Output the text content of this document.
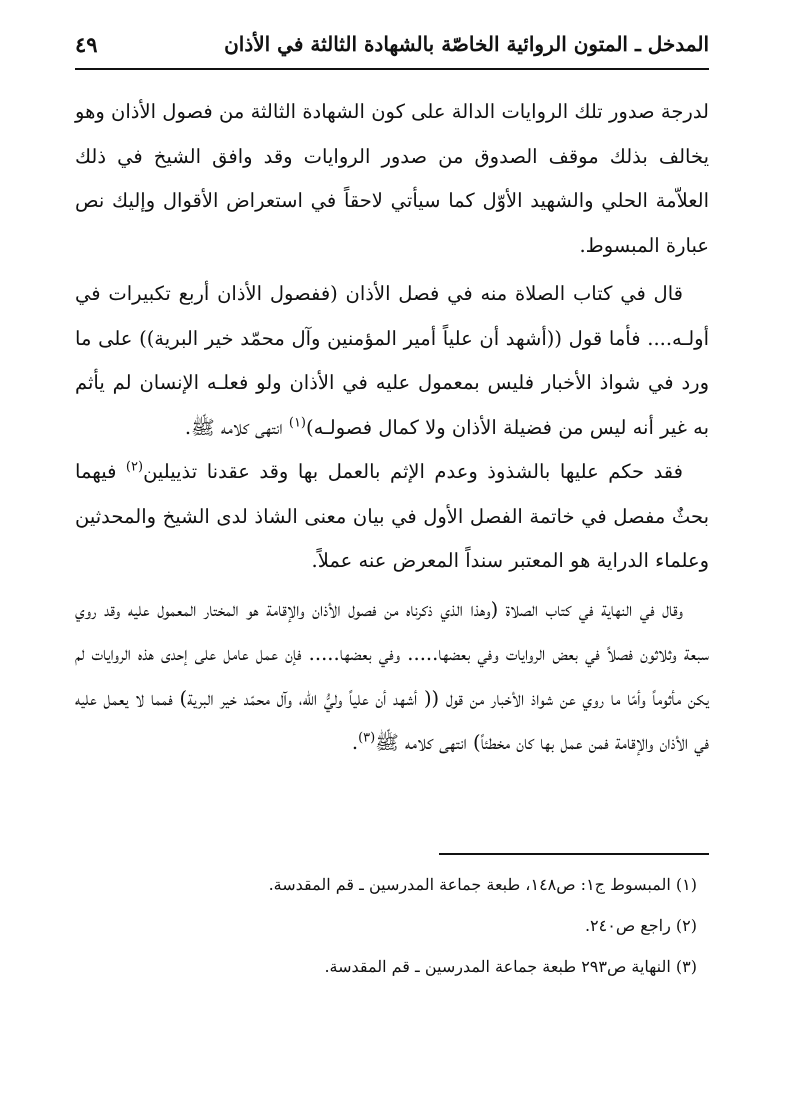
المدخل ـ المتون الروائية الخاصّة بالشهادة الثالثة في الأذان
٤٩

لدرجة صدور تلك الروايات الدالة على كون الشهادة الثالثة من فصول الأذان وهو يخالف بذلك موقف الصدوق من صدور الروايات وقد وافق الشيخ في ذلك العلاّمة الحلي والشهيد الأوّل كما سيأتي لاحقاً في استعراض الأقوال وإليك نص عبارة المبسوط.

قال في كتاب الصلاة منه في فصل الأذان (ففصول الأذان أربع تكبيرات في أولـه.... فأما قول ((أشهد أن علياً أمير المؤمنين وآل محمّد خير البرية)) على ما ورد في شواذ الأخبار فليس بمعمول عليه في الأذان ولو فعلـه الإنسان لم يأثم به غير أنه ليس من فضيلة الأذان ولا كمال فصولـه)$^{(١)}$ انتهى كلامه ﷺ.

فقد حكم عليها بالشذوذ وعدم الإثم بالعمل بها وقد عقدنا تذييلين$^{(٢)}$ فيهما بحثٌ مفصل في خاتمة الفصل الأول في بيان معنى الشاذ لدى الشيخ والمحدثين وعلماء الدراية هو المعتبر سنداً المعرض عنه عملاً.

وقال في النهاية في كتاب الصلاة (وهذا الذي ذكرناه من فصول الأذان والإقامة هو المختار المعمول عليه وقد روي سبعة وثلاثون فصلاً في بعض الروايات وفي بعضها..... وفي بعضها..... فإن عمل عامل على إحدى هذه الروايات لم يكن مأثوماً وأمّا ما روي عن شواذ الأخبار من قول (( أشهد أن علياً وليُّ الله، وآل محمّد خير البرية) فمما لا يعمل عليه في الأذان والإقامة فمن عمل بها كان مخطئاً) انتهى كلامه ﷺ$^{(٣)}$.

(١) المبسوط ج١: ص١٤٨، طبعة جماعة المدرسين ـ قم المقدسة.

(٢) راجع ص٢٤٠.

(٣) النهاية ص٢٩٣ طبعة جماعة المدرسين ـ قم المقدسة.
